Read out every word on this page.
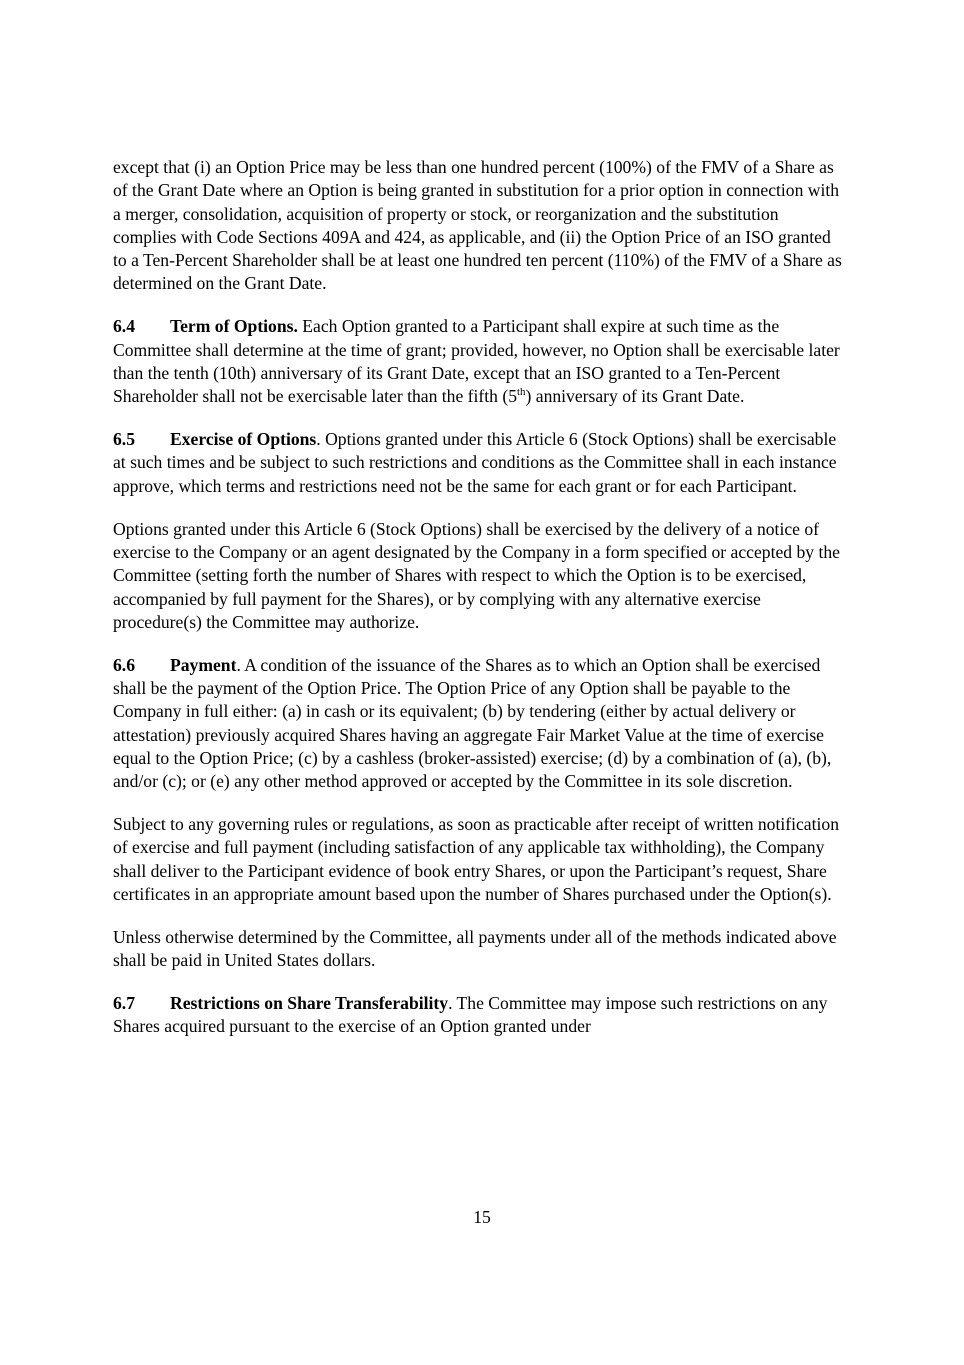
except that (i) an Option Price may be less than one hundred percent (100%) of the FMV of a Share as of the Grant Date where an Option is being granted in substitution for a prior option in connection with a merger, consolidation, acquisition of property or stock, or reorganization and the substitution complies with Code Sections 409A and 424, as applicable, and (ii) the Option Price of an ISO granted to a Ten-Percent Shareholder shall be at least one hundred ten percent (110%) of the FMV of a Share as determined on the Grant Date.

6.4 Term of Options. Each Option granted to a Participant shall expire at such time as the Committee shall determine at the time of grant; provided, however, no Option shall be exercisable later than the tenth (10th) anniversary of its Grant Date, except that an ISO granted to a Ten-Percent Shareholder shall not be exercisable later than the fifth (5th) anniversary of its Grant Date.

6.5 Exercise of Options. Options granted under this Article 6 (Stock Options) shall be exercisable at such times and be subject to such restrictions and conditions as the Committee shall in each instance approve, which terms and restrictions need not be the same for each grant or for each Participant.

Options granted under this Article 6 (Stock Options) shall be exercised by the delivery of a notice of exercise to the Company or an agent designated by the Company in a form specified or accepted by the Committee (setting forth the number of Shares with respect to which the Option is to be exercised, accompanied by full payment for the Shares), or by complying with any alternative exercise procedure(s) the Committee may authorize.

6.6 Payment. A condition of the issuance of the Shares as to which an Option shall be exercised shall be the payment of the Option Price. The Option Price of any Option shall be payable to the Company in full either: (a) in cash or its equivalent; (b) by tendering (either by actual delivery or attestation) previously acquired Shares having an aggregate Fair Market Value at the time of exercise equal to the Option Price; (c) by a cashless (broker-assisted) exercise; (d) by a combination of (a), (b), and/or (c); or (e) any other method approved or accepted by the Committee in its sole discretion.

Subject to any governing rules or regulations, as soon as practicable after receipt of written notification of exercise and full payment (including satisfaction of any applicable tax withholding), the Company shall deliver to the Participant evidence of book entry Shares, or upon the Participant’s request, Share certificates in an appropriate amount based upon the number of Shares purchased under the Option(s).

Unless otherwise determined by the Committee, all payments under all of the methods indicated above shall be paid in United States dollars.

6.7 Restrictions on Share Transferability. The Committee may impose such restrictions on any Shares acquired pursuant to the exercise of an Option granted under

15
